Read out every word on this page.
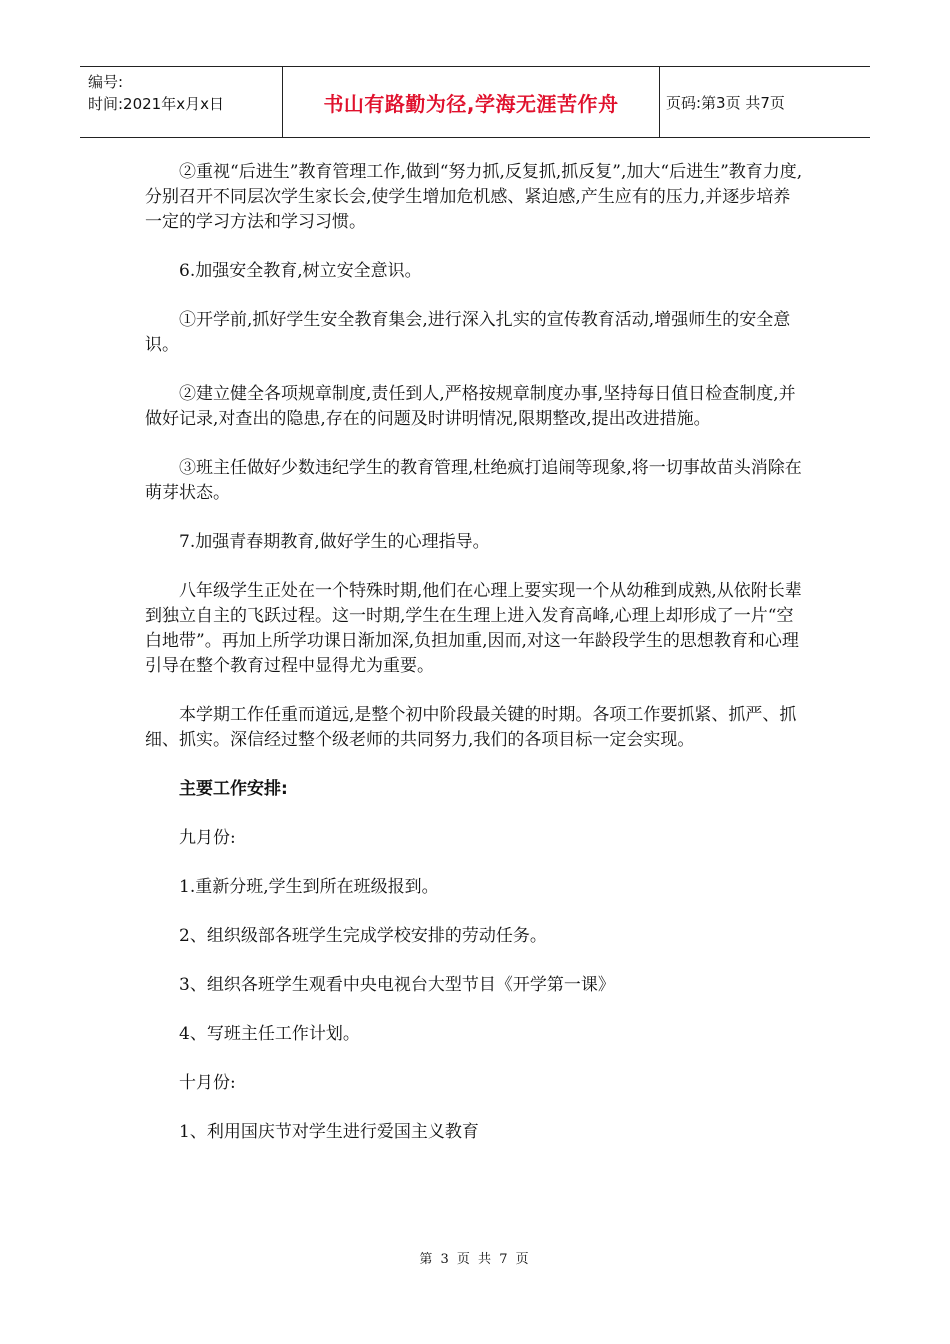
编号:
时间:2021年x月x日	书山有路勤为径,学海无涯苦作舟	页码:第3页 共7页

②重视“后进生”教育管理工作,做到“努力抓,反复抓,抓反复”,加大“后进生”教育力度,分别召开不同层次学生家长会,使学生增加危机感、紧迫感,产生应有的压力,并逐步培养一定的学习方法和学习习惯。

6.加强安全教育,树立安全意识。

①开学前,抓好学生安全教育集会,进行深入扎实的宣传教育活动,增强师生的安全意识。

②建立健全各项规章制度,责任到人,严格按规章制度办事,坚持每日值日检查制度,并做好记录,对查出的隐患,存在的问题及时讲明情况,限期整改,提出改进措施。

③班主任做好少数违纪学生的教育管理,杜绝疯打追闹等现象,将一切事故苗头消除在萌芽状态。

7.加强青春期教育,做好学生的心理指导。

八年级学生正处在一个特殊时期,他们在心理上要实现一个从幼稚到成熟,从依附长辈到独立自主的飞跃过程。这一时期,学生在生理上进入发育高峰,心理上却形成了一片“空白地带”。再加上所学功课日渐加深,负担加重,因而,对这一年龄段学生的思想教育和心理引导在整个教育过程中显得尤为重要。

本学期工作任重而道远,是整个初中阶段最关键的时期。各项工作要抓紧、抓严、抓细、抓实。深信经过整个级老师的共同努力,我们的各项目标一定会实现。

主要工作安排:

九月份:

1.重新分班,学生到所在班级报到。

2、组织级部各班学生完成学校安排的劳动任务。

3、组织各班学生观看中央电视台大型节目《开学第一课》

4、写班主任工作计划。

十月份:

1、利用国庆节对学生进行爱国主义教育

第 3 页 共 7 页
